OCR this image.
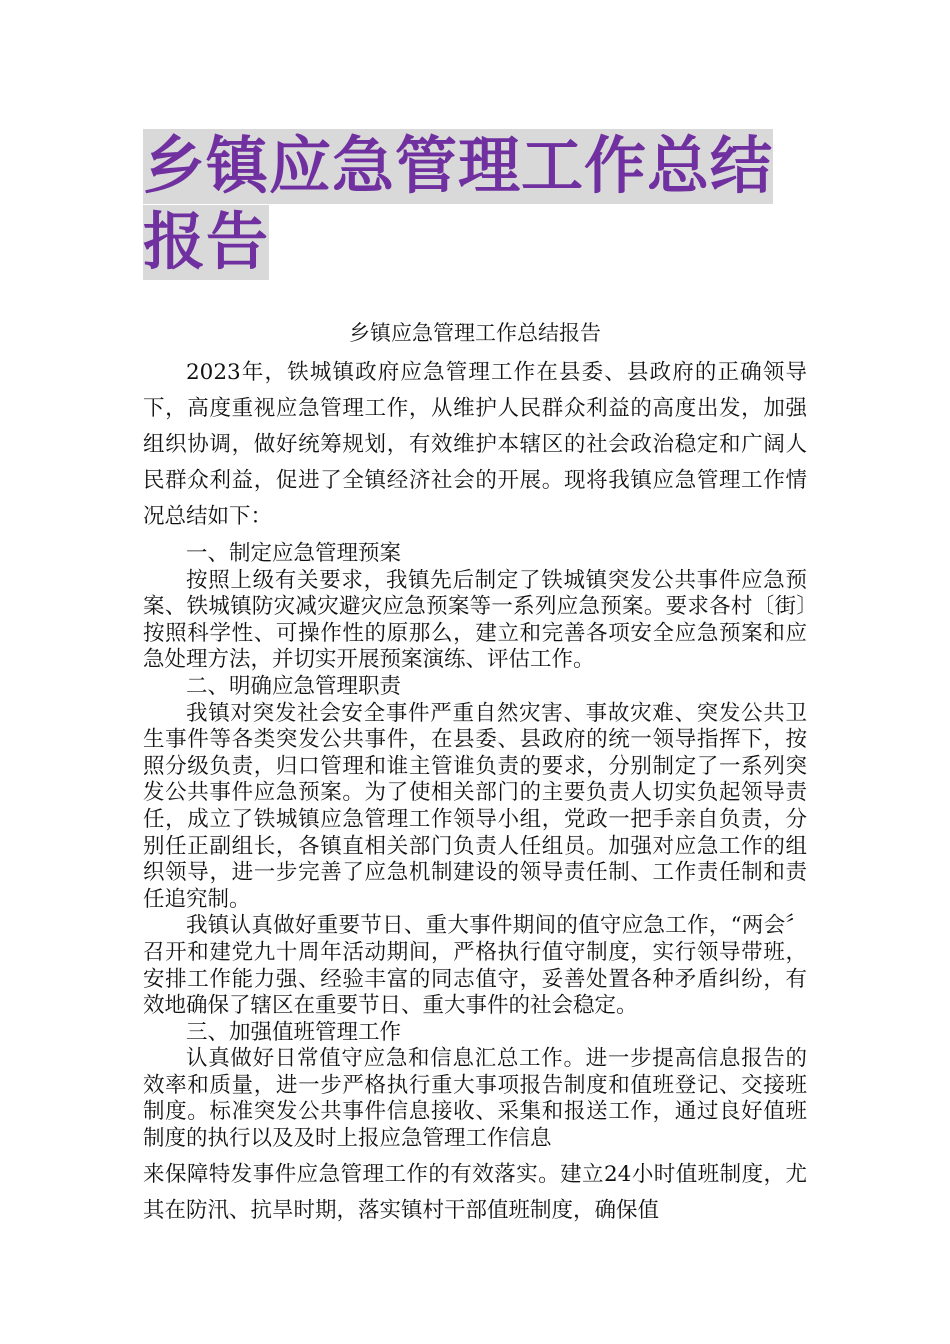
乡镇应急管理工作总结报告

乡镇应急管理工作总结报告

2023年，铁城镇政府应急管理工作在县委、县政府的正确领导下，高度重视应急管理工作，从维护人民群众利益的高度出发，加强组织协调，做好统筹规划，有效维护本辖区的社会政治稳定和广阔人民群众利益，促进了全镇经济社会的开展。现将我镇应急管理工作情况总结如下：

一、制定应急管理预案

按照上级有关要求，我镇先后制定了铁城镇突发公共事件应急预案、铁城镇防灾减灾避灾应急预案等一系列应急预案。要求各村〔街〕按照科学性、可操作性的原那么，建立和完善各项安全应急预案和应急处理方法，并切实开展预案演练、评估工作。

二、明确应急管理职责

我镇对突发社会安全事件严重自然灾害、事故灾难、突发公共卫生事件等各类突发公共事件，在县委、县政府的统一领导指挥下，按照分级负责，归口管理和谁主管谁负责的要求，分别制定了一系列突发公共事件应急预案。为了使相关部门的主要负责人切实负起领导责任，成立了铁城镇应急管理工作领导小组，党政一把手亲自负责，分别任正副组长，各镇直相关部门负责人任组员。加强对应急工作的组织领导，进一步完善了应急机制建设的领导责任制、工作责任制和责任追究制。

我镇认真做好重要节日、重大事件期间的值守应急工作，“两会〞召开和建党九十周年活动期间，严格执行值守制度，实行领导带班，安排工作能力强、经验丰富的同志值守，妥善处置各种矛盾纠纷，有效地确保了辖区在重要节日、重大事件的社会稳定。

三、加强值班管理工作

认真做好日常值守应急和信息汇总工作。进一步提高信息报告的效率和质量，进一步严格执行重大事项报告制度和值班登记、交接班制度。标准突发公共事件信息接收、采集和报送工作，通过良好值班制度的执行以及及时上报应急管理工作信息

来保障特发事件应急管理工作的有效落实。建立24小时值班制度，尤其在防汛、抗旱时期，落实镇村干部值班制度，确保值
